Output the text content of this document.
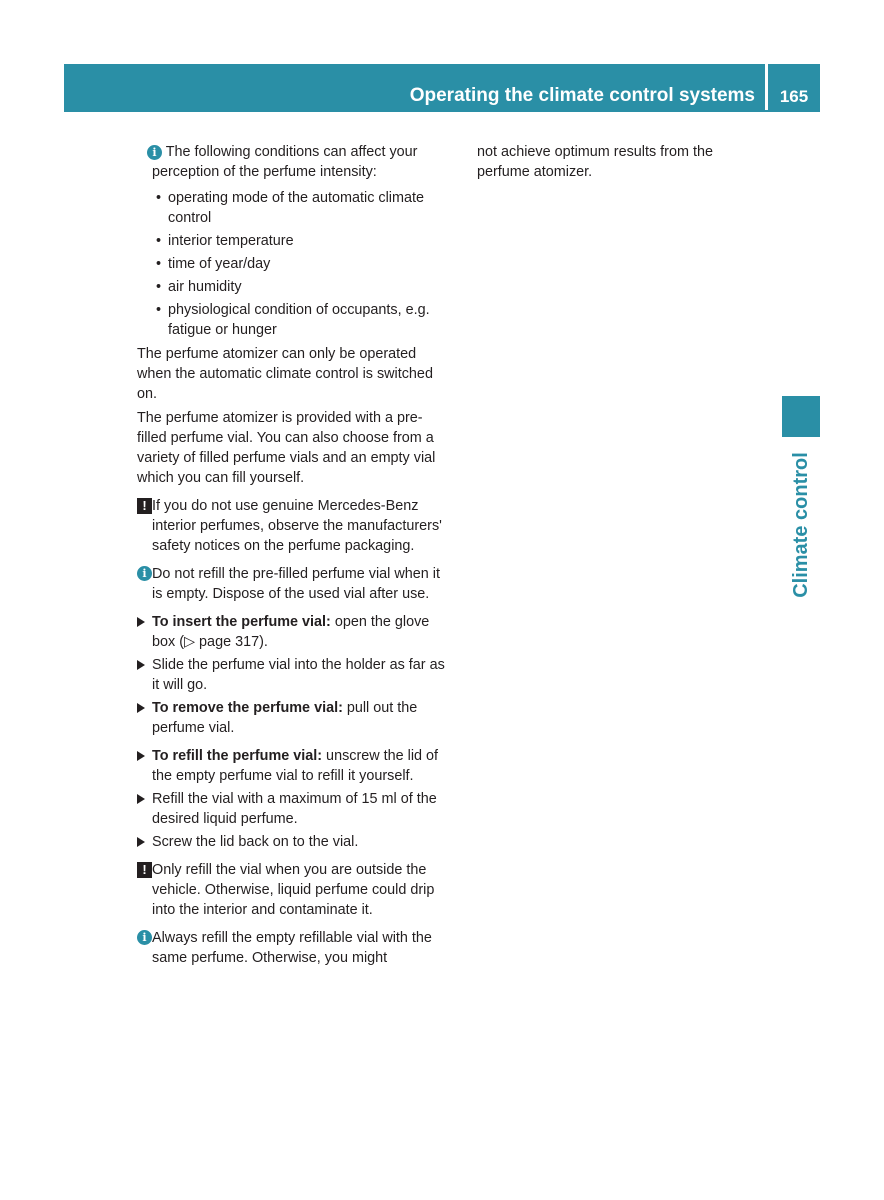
Operating the climate control systems	165
Climate control

i The following conditions can affect your

perception of the perfume intensity:

• operating mode of the automatic climate control
• interior temperature
• time of year/day
• air humidity
• physiological condition of occupants, e.g. fatigue or hunger

The perfume atomizer can only be operated when the automatic climate control is switched on.

The perfume atomizer is provided with a pre-filled perfume vial. You can also choose from a variety of filled perfume vials and an empty vial which you can fill yourself.

! If you do not use genuine Mercedes-Benz interior perfumes, observe the manufacturers' safety notices on the perfume packaging.

i Do not refill the pre-filled perfume vial when it is empty. Dispose of the used vial after use.

To insert the perfume vial: open the glove box (▷ page 317).
Slide the perfume vial into the holder as far as it will go.
To remove the perfume vial: pull out the perfume vial.
To refill the perfume vial: unscrew the lid of the empty perfume vial to refill it yourself.
Refill the vial with a maximum of 15 ml of the desired liquid perfume.
Screw the lid back on to the vial.
! Only refill the vial when you are outside the vehicle. Otherwise, liquid perfume could drip into the interior and contaminate it.

i Always refill the empty refillable vial with the same perfume. Otherwise, you might

not achieve optimum results from the perfume atomizer.
